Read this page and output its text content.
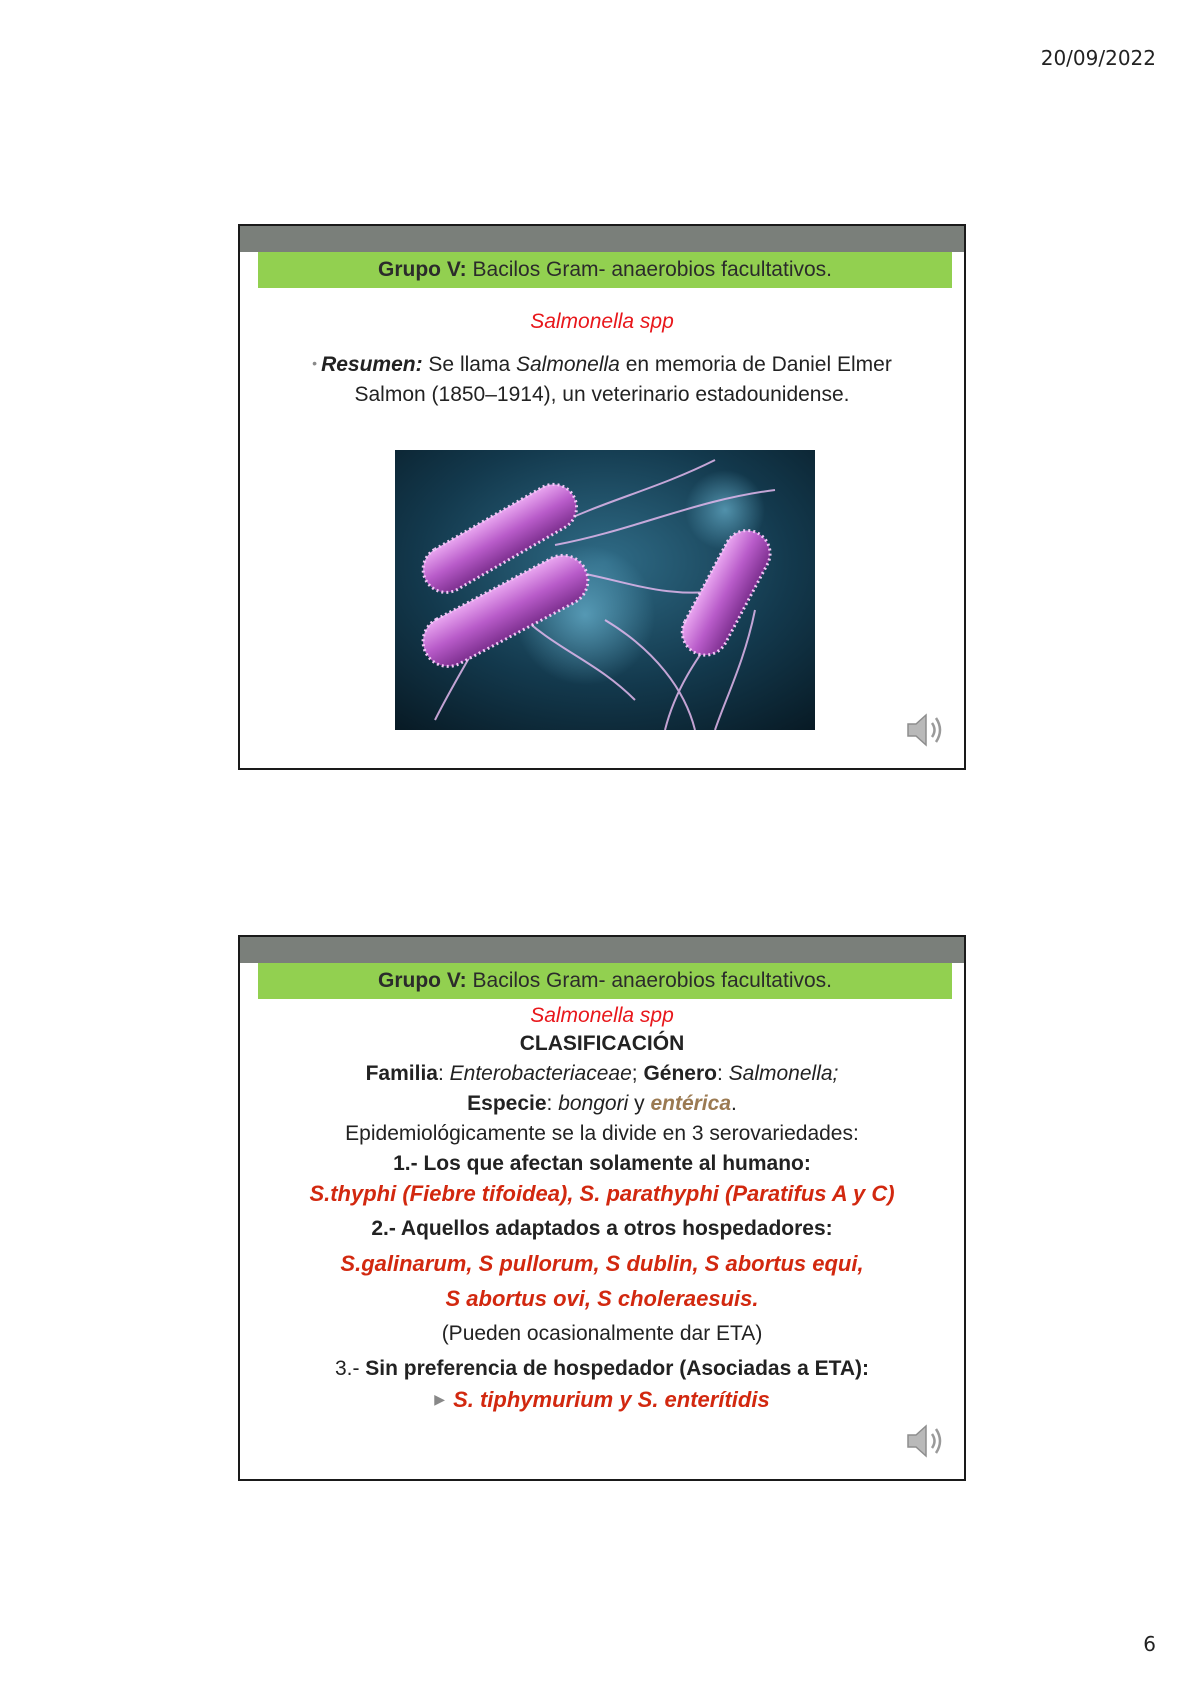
20/09/2022
Grupo V: Bacilos Gram- anaerobios facultativos.
Salmonella spp
• Resumen: Se llama Salmonella en memoria de Daniel Elmer Salmon (1850–1914), un veterinario estadounidense.
Grupo V: Bacilos Gram- anaerobios facultativos.
Salmonella spp
CLASIFICACIÓN
Familia: Enterobacteriaceae; Género: Salmonella;
Especie: bongori y entérica.
Epidemiológicamente se la divide en 3 serovariedades:
1.- Los que afectan solamente al humano:
S.thyphi (Fiebre tifoidea), S. parathyphi (Paratifus A y C)
2.- Aquellos adaptados a otros hospedadores:
S.galinarum, S pullorum, S dublin, S abortus equi,
S abortus ovi, S choleraesuis.
(Pueden ocasionalmente dar ETA)
3.- Sin preferencia de hospedador (Asociadas a ETA):
▶ S. tiphymurium y S. enterítidis
6
